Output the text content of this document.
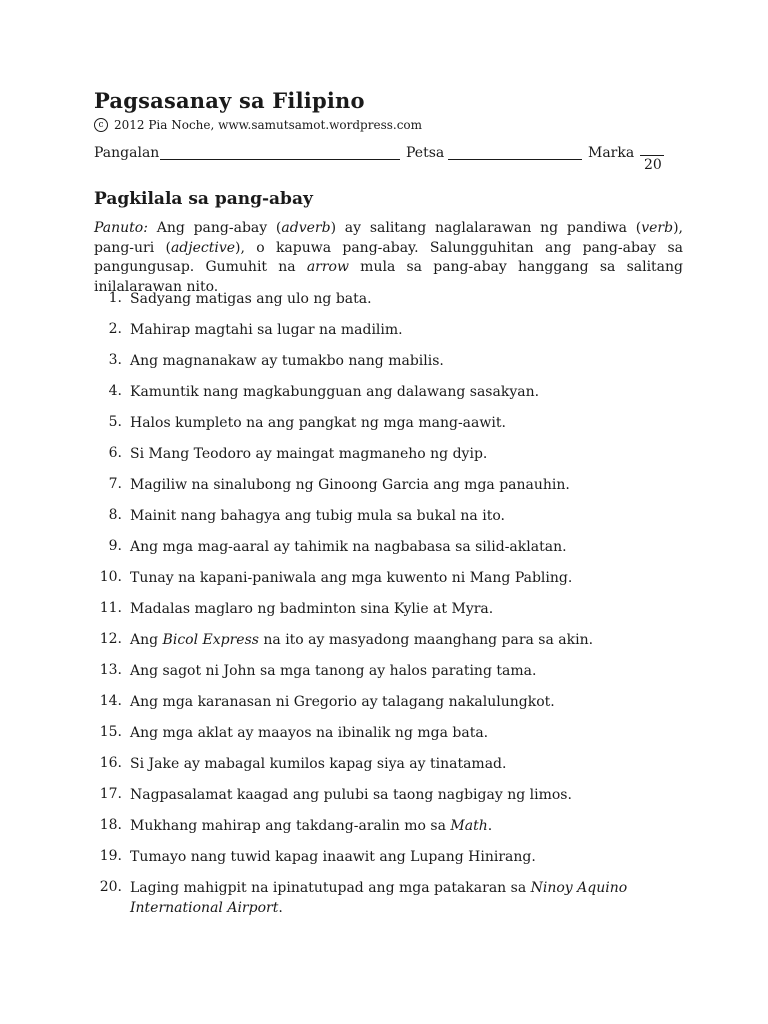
Pagsasanay sa Filipino
c 2012 Pia Noche, www.samutsamot.wordpress.com
Pangalan	Petsa	Marka
20
Pagkilala sa pang-abay
Panuto: Ang pang-abay (adverb) ay salitang naglalarawan ng pandiwa (verb), pang-uri (adjective), o kapuwa pang-abay. Salungguhitan ang pang-abay sa pangungusap. Gumuhit na arrow mula sa pang-abay hanggang sa salitang inilalarawan nito.
1. Sadyang matigas ang ulo ng bata.
2. Mahirap magtahi sa lugar na madilim.
3. Ang magnanakaw ay tumakbo nang mabilis.
4. Kamuntik nang magkabungguan ang dalawang sasakyan.
5. Halos kumpleto na ang pangkat ng mga mang-aawit.
6. Si Mang Teodoro ay maingat magmaneho ng dyip.
7. Magiliw na sinalubong ng Ginoong Garcia ang mga panauhin.
8. Mainit nang bahagya ang tubig mula sa bukal na ito.
9. Ang mga mag-aaral ay tahimik na nagbabasa sa silid-aklatan.
10. Tunay na kapani-paniwala ang mga kuwento ni Mang Pabling.
11. Madalas maglaro ng badminton sina Kylie at Myra.
12. Ang Bicol Express na ito ay masyadong maanghang para sa akin.
13. Ang sagot ni John sa mga tanong ay halos parating tama.
14. Ang mga karanasan ni Gregorio ay talagang nakalulungkot.
15. Ang mga aklat ay maayos na ibinalik ng mga bata.
16. Si Jake ay mabagal kumilos kapag siya ay tinatamad.
17. Nagpasalamat kaagad ang pulubi sa taong nagbigay ng limos.
18. Mukhang mahirap ang takdang-aralin mo sa Math.
19. Tumayo nang tuwid kapag inaawit ang Lupang Hinirang.
20. Laging mahigpit na ipinatutupad ang mga patakaran sa Ninoy Aquino International Airport.
